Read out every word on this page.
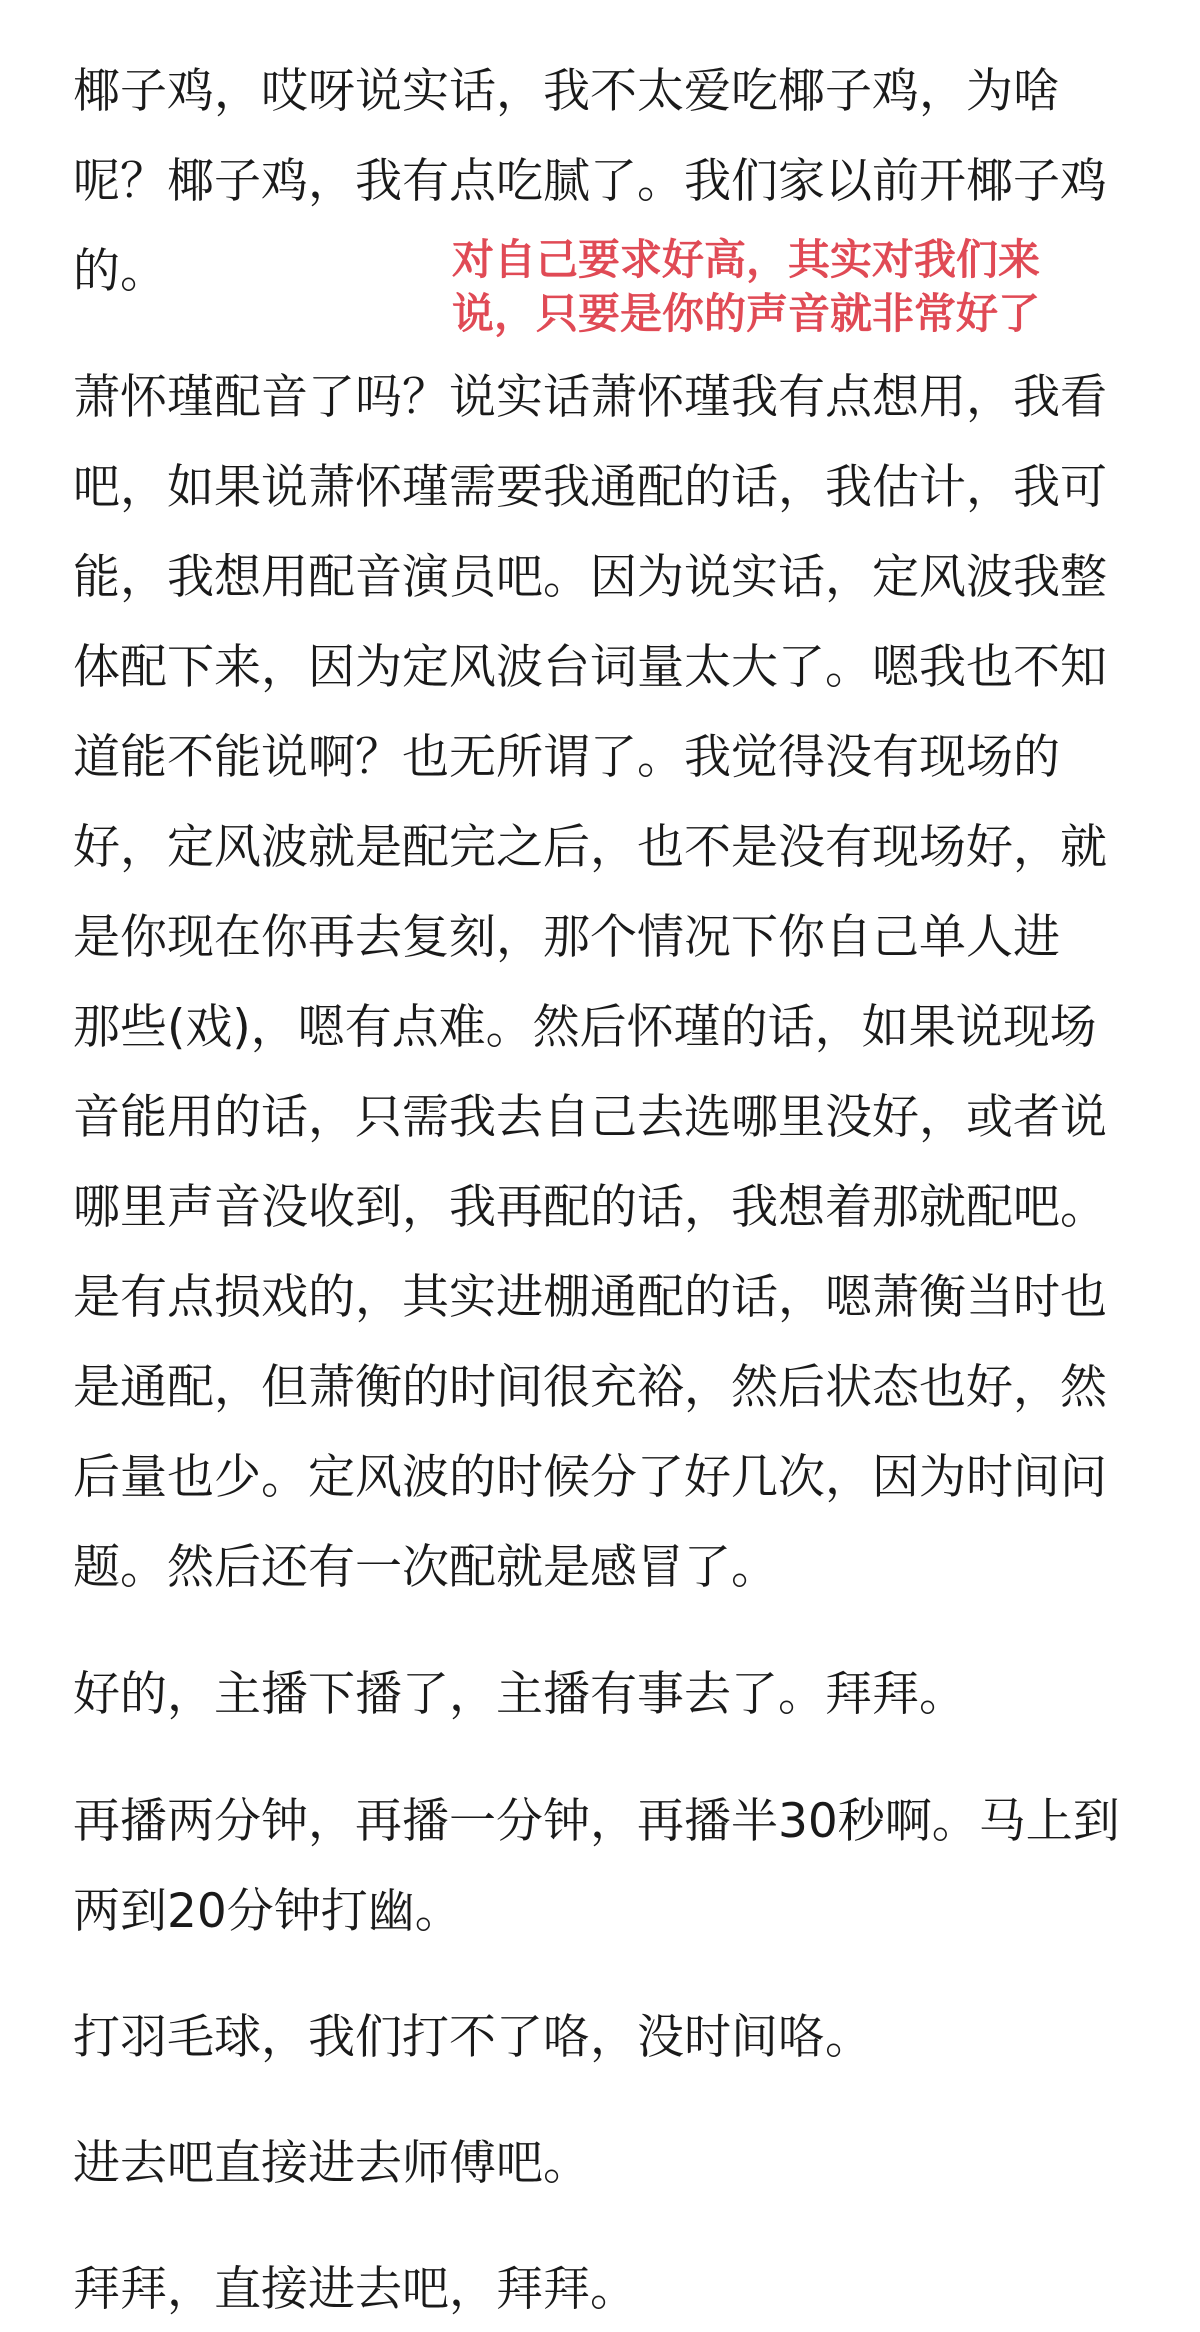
椰子鸡，哎呀说实话，我不太爱吃椰子鸡，为啥
呢？椰子鸡，我有点吃腻了。我们家以前开椰子鸡
的。	对自己要求好高，其实对我们来
说，只要是你的声音就非常好了
萧怀瑾配音了吗？说实话萧怀瑾我有点想用，我看
吧，如果说萧怀瑾需要我通配的话，我估计，我可
能，我想用配音演员吧。因为说实话，定风波我整
体配下来，因为定风波台词量太大了。嗯我也不知
道能不能说啊？也无所谓了。我觉得没有现场的
好，定风波就是配完之后，也不是没有现场好，就
是你现在你再去复刻，那个情况下你自己单人进
那些(戏)，嗯有点难。然后怀瑾的话，如果说现场
音能用的话，只需我去自己去选哪里没好，或者说
哪里声音没收到，我再配的话，我想着那就配吧。
是有点损戏的，其实进棚通配的话，嗯萧衡当时也
是通配，但萧衡的时间很充裕，然后状态也好，然
后量也少。定风波的时候分了好几次，因为时间问
题。然后还有一次配就是感冒了。
好的，主播下播了，主播有事去了。拜拜。
再播两分钟，再播一分钟，再播半30秒啊。马上到
两到20分钟打幽。
打羽毛球，我们打不了咯，没时间咯。
进去吧直接进去师傅吧。
拜拜，直接进去吧，拜拜。
